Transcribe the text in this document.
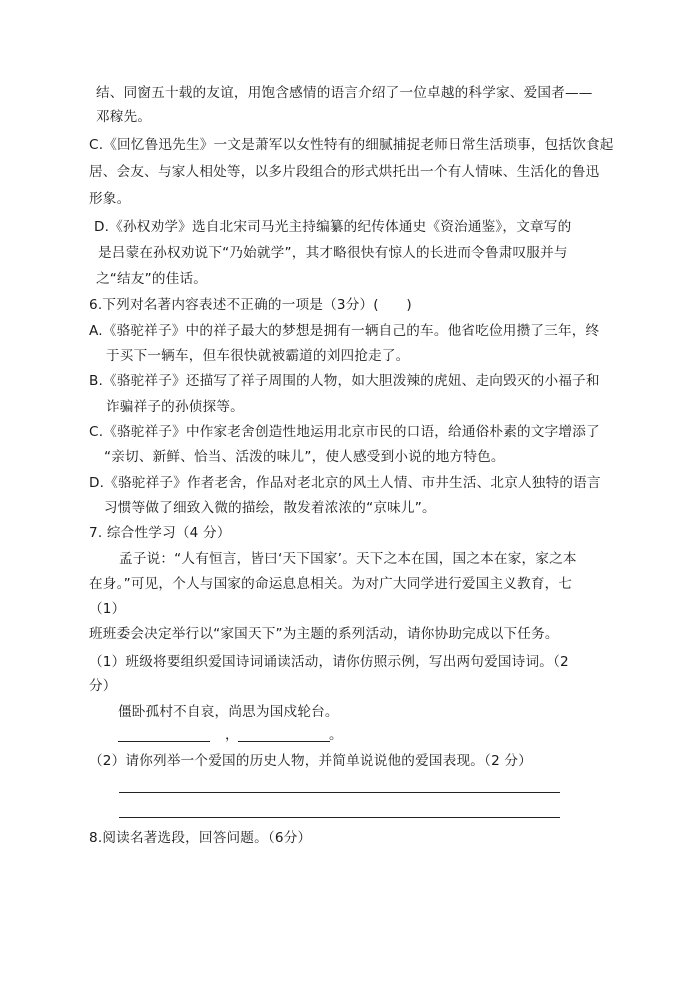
结、同窗五十载的友谊，用饱含感情的语言介绍了一位卓越的科学家、爱国者——
邓稼先。
C.《回忆鲁迅先生》一文是萧军以女性特有的细腻捕捉老师日常生活琐事，包括饮食起
居、会友、与家人相处等，以多片段组合的形式烘托出一个有人情味、生活化的鲁迅
形象。
D.《孙权劝学》选自北宋司马光主持编纂的纪传体通史《资治通鉴》，文章写的
是吕蒙在孙权劝说下“乃始就学”，其才略很快有惊人的长进而令鲁肃叹服并与
之“结友”的佳话。
6.下列对名著内容表述不正确的一项是（3分）(　　)
A.《骆驼祥子》中的祥子最大的梦想是拥有一辆自己的车。他省吃俭用攒了三年，终
于买下一辆车，但车很快就被霸道的刘四抢走了。
B.《骆驼祥子》还描写了祥子周围的人物，如大胆泼辣的虎妞、走向毁灭的小福子和
诈骗祥子的孙侦探等。
C.《骆驼祥子》中作家老舍创造性地运用北京市民的口语，给通俗朴素的文字增添了
“亲切、新鲜、恰当、活泼的味儿”，使人感受到小说的地方特色。
D.《骆驼祥子》作者老舍，作品对老北京的风土人情、市井生活、北京人独特的语言
习惯等做了细致入微的描绘，散发着浓浓的“京味儿”。
7. 综合性学习（4 分）
孟子说：“人有恒言，皆曰‘天下国家’。天下之本在国，国之本在家，家之本
在身。”可见，个人与国家的命运息息相关。为对广大同学进行爱国主义教育，七
（1）
班班委会决定举行以“家国天下”为主题的系列活动，请你协助完成以下任务。
（1）班级将要组织爱国诗词诵读活动，请你仿照示例，写出两句爱国诗词。（2
分）
僵卧孤村不自哀，尚思为国戍轮台。
，	。
（2）请你列举一个爱国的历史人物，并简单说说他的爱国表现。（2 分）
8.阅读名著选段，回答问题。（6分）
